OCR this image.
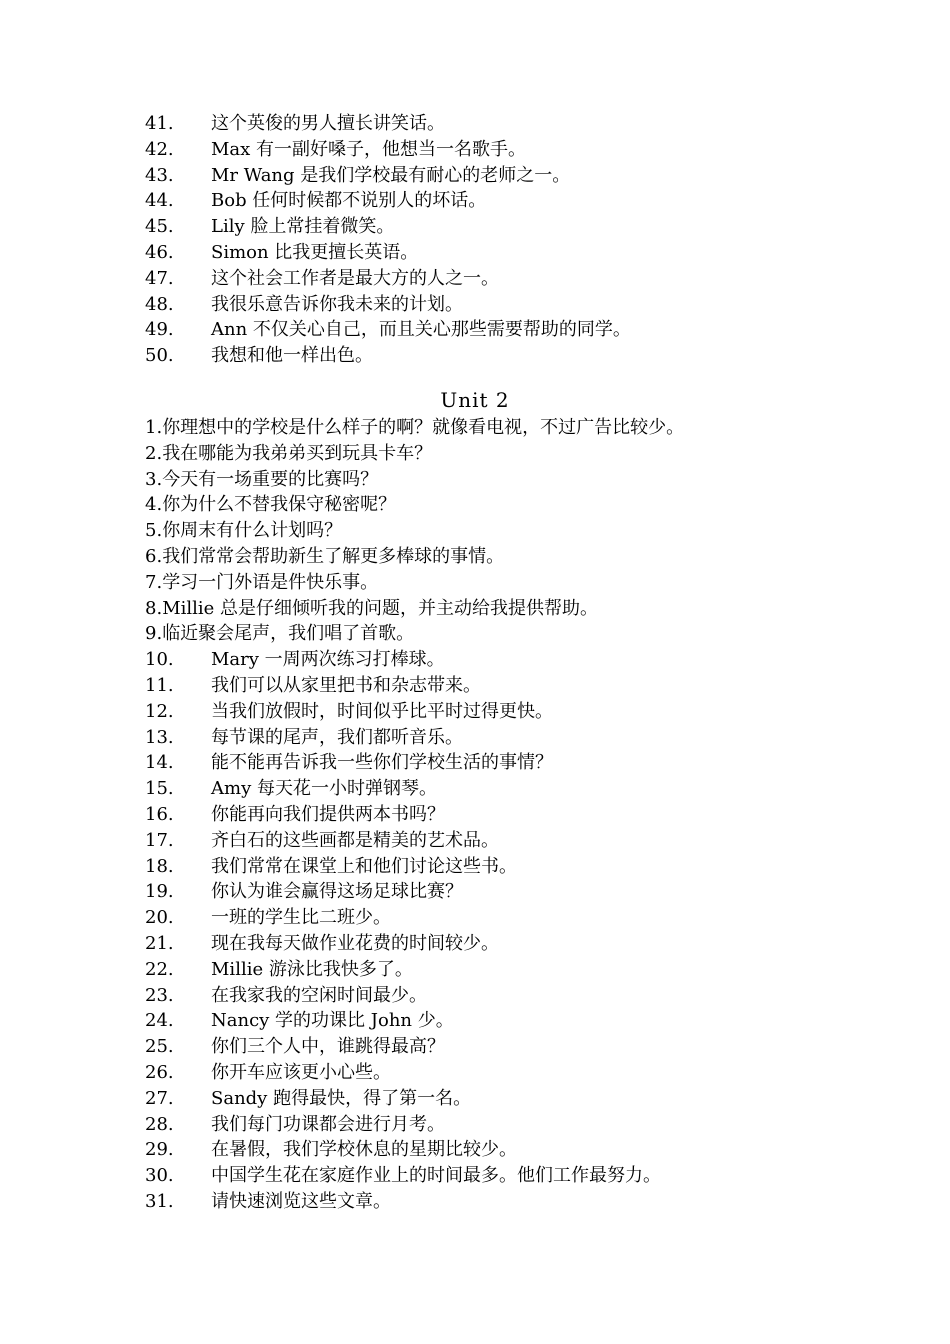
41.	这个英俊的男人擅长讲笑话。
42.	Max 有一副好嗓子，他想当一名歌手。
43.	Mr Wang 是我们学校最有耐心的老师之一。
44.	Bob 任何时候都不说别人的坏话。
45.	Lily 脸上常挂着微笑。
46.	Simon 比我更擅长英语。
47.	这个社会工作者是最大方的人之一。
48.	我很乐意告诉你我未来的计划。
49.	Ann 不仅关心自己，而且关心那些需要帮助的同学。
50.	我想和他一样出色。
Unit 2
1. 你理想中的学校是什么样子的啊？就像看电视，不过广告比较少。
2. 我在哪能为我弟弟买到玩具卡车？
3. 今天有一场重要的比赛吗？
4. 你为什么不替我保守秘密呢？
5. 你周末有什么计划吗？
6. 我们常常会帮助新生了解更多棒球的事情。
7. 学习一门外语是件快乐事。
8. Millie 总是仔细倾听我的问题，并主动给我提供帮助。
9. 临近聚会尾声，我们唱了首歌。
10.	Mary 一周两次练习打棒球。
11.	我们可以从家里把书和杂志带来。
12.	当我们放假时，时间似乎比平时过得更快。
13.	每节课的尾声，我们都听音乐。
14.	能不能再告诉我一些你们学校生活的事情？
15.	Amy 每天花一小时弹钢琴。
16.	你能再向我们提供两本书吗？
17.	齐白石的这些画都是精美的艺术品。
18.	我们常常在课堂上和他们讨论这些书。
19.	你认为谁会赢得这场足球比赛？
20.	一班的学生比二班少。
21.	现在我每天做作业花费的时间较少。
22.	Millie 游泳比我快多了。
23.	在我家我的空闲时间最少。
24.	Nancy 学的功课比 John 少。
25.	你们三个人中，谁跳得最高？
26.	你开车应该更小心些。
27.	Sandy 跑得最快，得了第一名。
28.	我们每门功课都会进行月考。
29.	在暑假，我们学校休息的星期比较少。
30.	中国学生花在家庭作业上的时间最多。他们工作最努力。
31.	请快速浏览这些文章。
